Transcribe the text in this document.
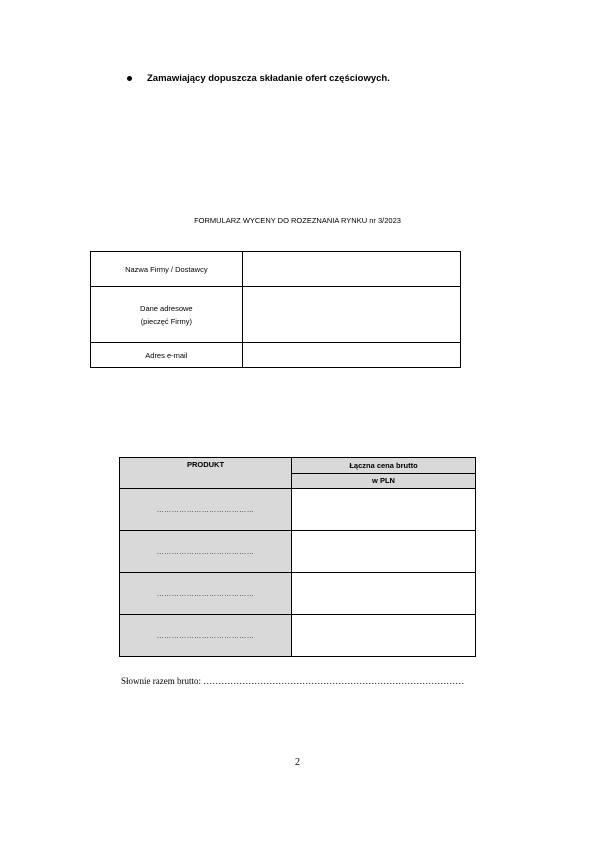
Zamawiający dopuszcza składanie ofert częściowych.
FORMULARZ WYCENY DO ROZEZNANIA RYNKU nr 3/2023
Nazwa Firmy / Dostawcy	

Dane adresowe
(pieczęć Firmy)	

Adres e-mail	
PRODUKT	Łączna cena brutto
	w PLN
…………………………………	
…………………………………	
…………………………………	
…………………………………	
Słownie razem brutto: ……………………………………………………………………………
2
